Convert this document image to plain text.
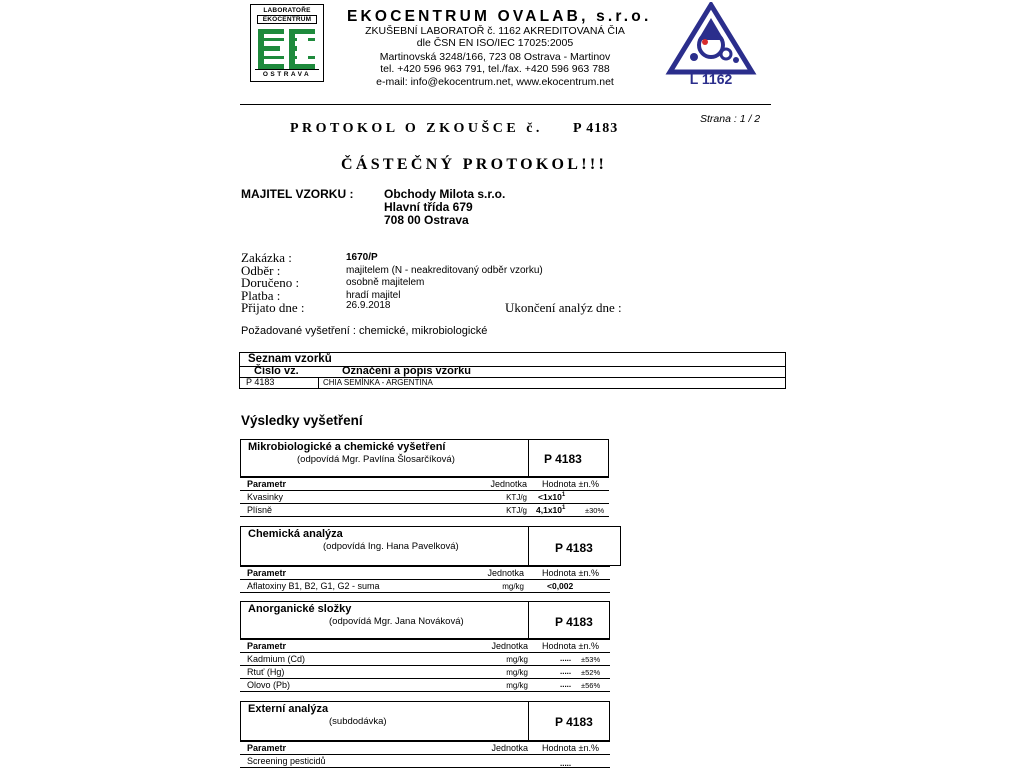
LABORATOŘE
EKOCENTRUM
OSTRAVA
EKOCENTRUM OVALAB, s.r.o.
ZKUŠEBNÍ LABORATOŘ č. 1162 AKREDITOVANÁ ČIA
dle ČSN EN ISO/IEC 17025:2005
Martinovská 3248/166, 723 08 Ostrava - Martinov
tel. +420 596 963 791, tel./fax. +420 596 963 788
e-mail: info@ekocentrum.net, www.ekocentrum.net	L 1162
Strana : 1 / 2
PROTOKOL O ZKOUŠCE č. P 4183
ČÁSTEČNÝ PROTOKOL!!!
MAJITEL VZORKU :	Obchody Milota s.r.o.
Hlavní třída 679
708 00 Ostrava
Zakázka :	1670/P
Odběr :	majitelem (N - neakreditovaný odběr vzorku)
Doručeno :	osobně majitelem
Platba :	hradí majitel
Přijato dne :	26.9.2018	Ukončení analýz dne :
Požadované vyšetření : chemické, mikrobiologické
Seznam vzorků
Číslo vz.	Označení a popis vzorku
P 4183	CHIA SEMÍNKA - ARGENTINA
Výsledky vyšetření
Mikrobiologické a chemické vyšetření
(odpovídá Mgr. Pavlína Šlosarčíková)	P 4183
Parametr	Jednotka Hodnota ±n.%
Kvasinky	$KTJ/g <1x10^1$
Plísně	KTJ/g $4,1x10^1$	±30%
Chemická analýza
(odpovídá Ing. Hana Pavelková)	P 4183
Parametr	Jednotka Hodnota ±n.%
Aflatoxiny B1, B2, G1, G2 - suma	mg/kg	<0,002
Anorganické složky
(odpovídá Mgr. Jana Nováková)	P 4183
Parametr	Jednotka Hodnota ±n.%
Kadmium (Cd)	mg/kg	..... ±53%
Rtuť (Hg)	mg/kg	..... ±52%
Olovo (Pb)	mg/kg	..... ±56%
Externí analýza
(subdodávka)	P 4183
Parametr	Jednotka Hodnota ±n.%
Screening pesticidů	.....
